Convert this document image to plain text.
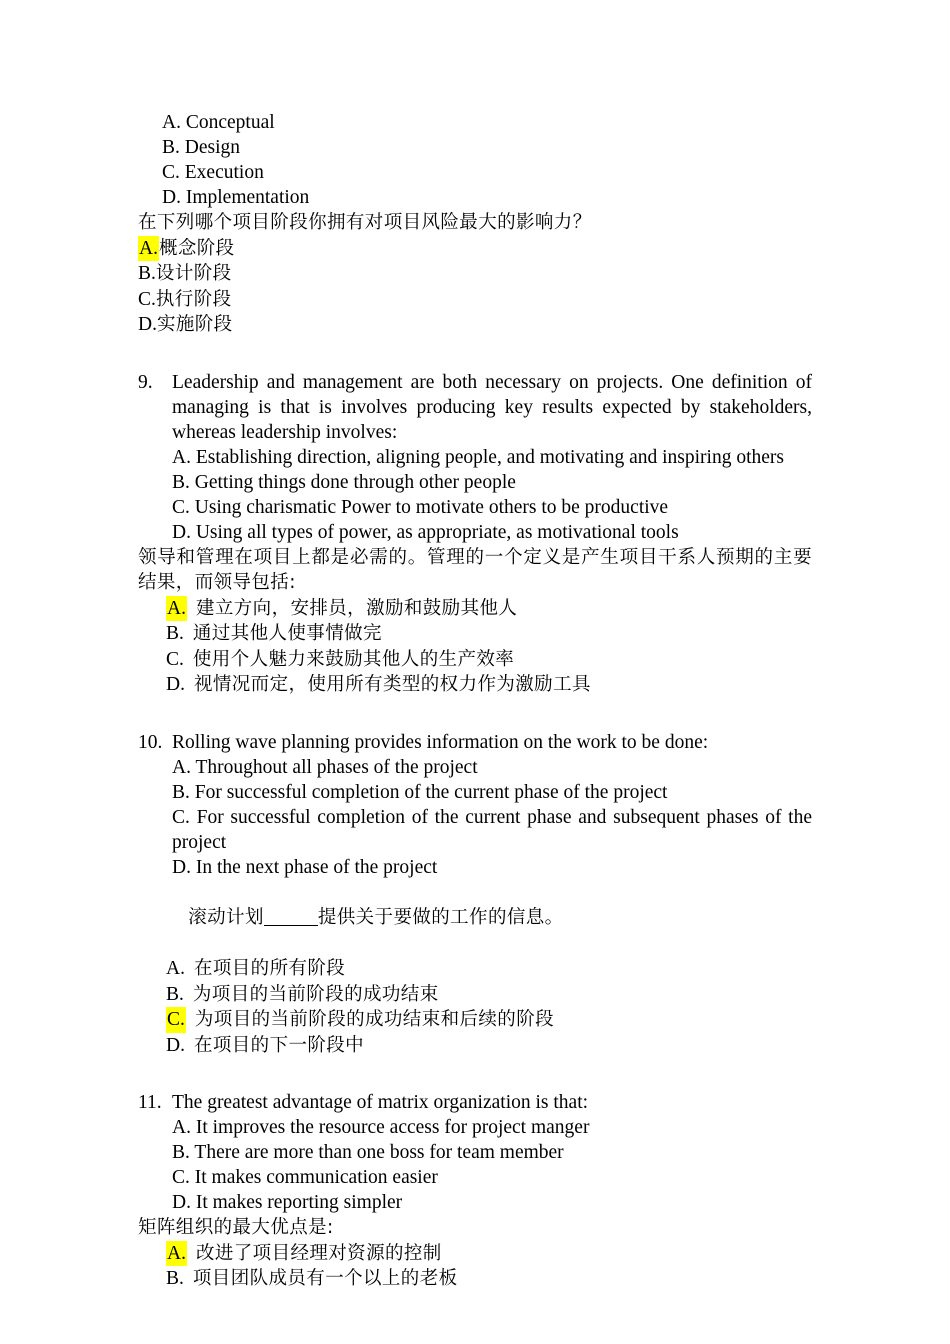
A. Conceptual
B. Design
C. Execution
D. Implementation
在下列哪个项目阶段你拥有对项目风险最大的影响力？
A. 概念阶段
B. 设计阶段
C. 执行阶段
D. 实施阶段
9. Leadership and management are both necessary on projects. One definition of managing is that is involves producing key results expected by stakeholders, whereas leadership involves:
A. Establishing direction, aligning people, and motivating and inspiring others
B. Getting things done through other people
C. Using charismatic Power to motivate others to be productive
D. Using all types of power, as appropriate, as motivational tools
领导和管理在项目上都是必需的。管理的一个定义是产生项目干系人预期的主要结果，而领导包括:
A. 建立方向，安排员，激励和鼓励其他人
B. 通过其他人使事情做完
C. 使用个人魅力来鼓励其他人的生产效率
D. 视情况而定，使用所有类型的权力作为激励工具
10. Rolling wave planning provides information on the work to be done:
A. Throughout all phases of the project
B. For successful completion of the current phase of the project
C. For successful completion of the current phase and subsequent phases of the project
D. In the next phase of the project

滚动计划	提供关于要做的工作的信息。

A. 在项目的所有阶段
B. 为项目的当前阶段的成功结束
C. 为项目的当前阶段的成功结束和后续的阶段
D. 在项目的下一阶段中
11. The greatest advantage of matrix organization is that:
A. It improves the resource access for project manger
B. There are more than one boss for team member
C. It makes communication easier
D. It makes reporting simpler
矩阵组织的最大优点是:
A. 改进了项目经理对资源的控制
B. 项目团队成员有一个以上的老板
